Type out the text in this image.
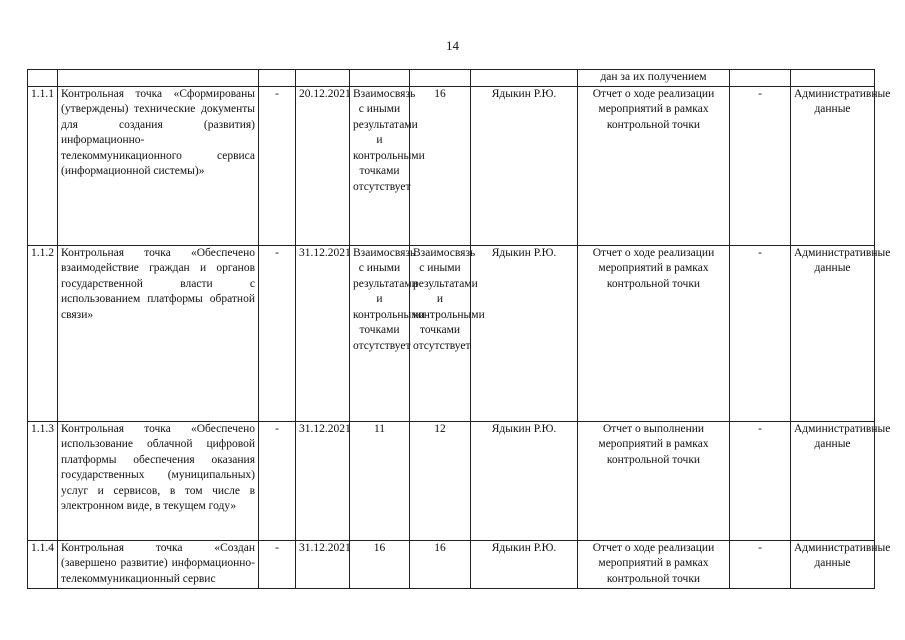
14
							дан за их получением		
1.1.1	Контрольная точка «Сформированы (утверждены) технические документы для создания (развития) информационно-телекоммуникационного сервиса (информационной системы)»	-	20.12.2021	Взаимосвязь с иными результатами и контрольными точками отсутствует	16	Ядыкин Р.Ю.	Отчет о ходе реализации мероприятий в рамках контрольной точки	-	Административные данные
1.1.2	Контрольная точка «Обеспечено взаимодействие граждан и органов государственной власти с использованием платформы обратной связи»	-	31.12.2021	Взаимосвязь с иными результатами и контрольными точками отсутствует	Взаимосвязь с иными результатами и контрольными точками отсутствует	Ядыкин Р.Ю.	Отчет о ходе реализации мероприятий в рамках контрольной точки	-	Административные данные
1.1.3	Контрольная точка «Обеспечено использование облачной цифровой платформы обеспечения оказания государственных (муниципальных) услуг и сервисов, в том числе в электронном виде, в текущем году»	-	31.12.2021	11	12	Ядыкин Р.Ю.	Отчет о выполнении мероприятий в рамках контрольной точки	-	Административные данные
1.1.4	Контрольная точка «Создан (завершено развитие) информационно-телекоммуникационный сервис	-	31.12.2021	16	16	Ядыкин Р.Ю.	Отчет о ходе реализации мероприятий в рамках контрольной точки	-	Административные данные
